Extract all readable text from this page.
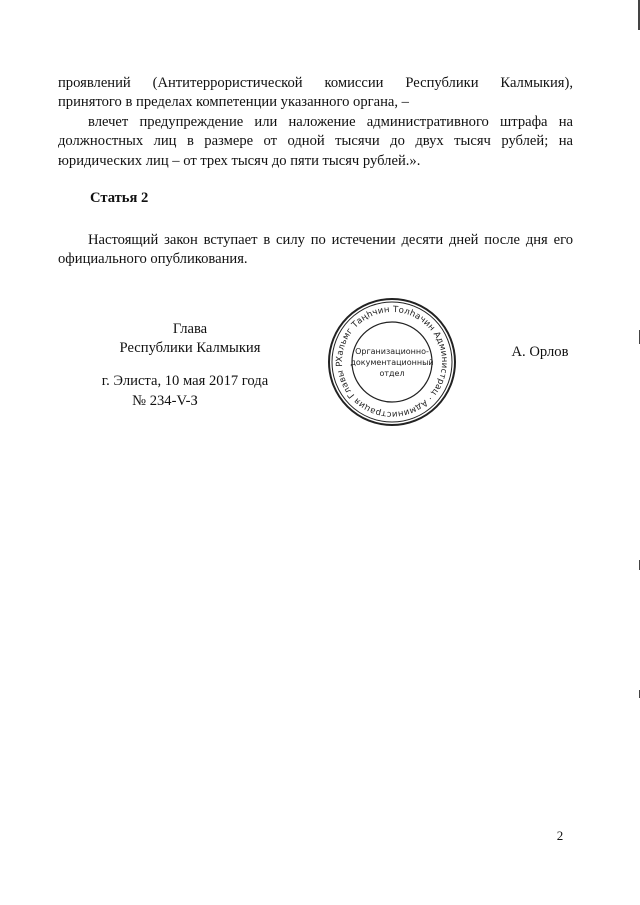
проявлений (Антитеррористической комиссии Республики Калмыкия),
принятого в пределах компетенции указанного органа, –
влечет предупреждение или наложение административного штрафа на
должностных лиц в размере от одной тысячи до двух тысяч рублей; на
юридических лиц – от трех тысяч до пяти тысяч рублей.».
Статья 2
Настоящий закон вступает в силу по истечении десяти дней после дня его
официального опубликования.
Глава
Республики Калмыкия
г. Элиста, 10 мая 2017 года
№ 234-V-З
А. Орлов
Хальмг Таңһчин Толһачин Администрац · Администрация Главы Р
Организационно-
документационный
отдел
2
